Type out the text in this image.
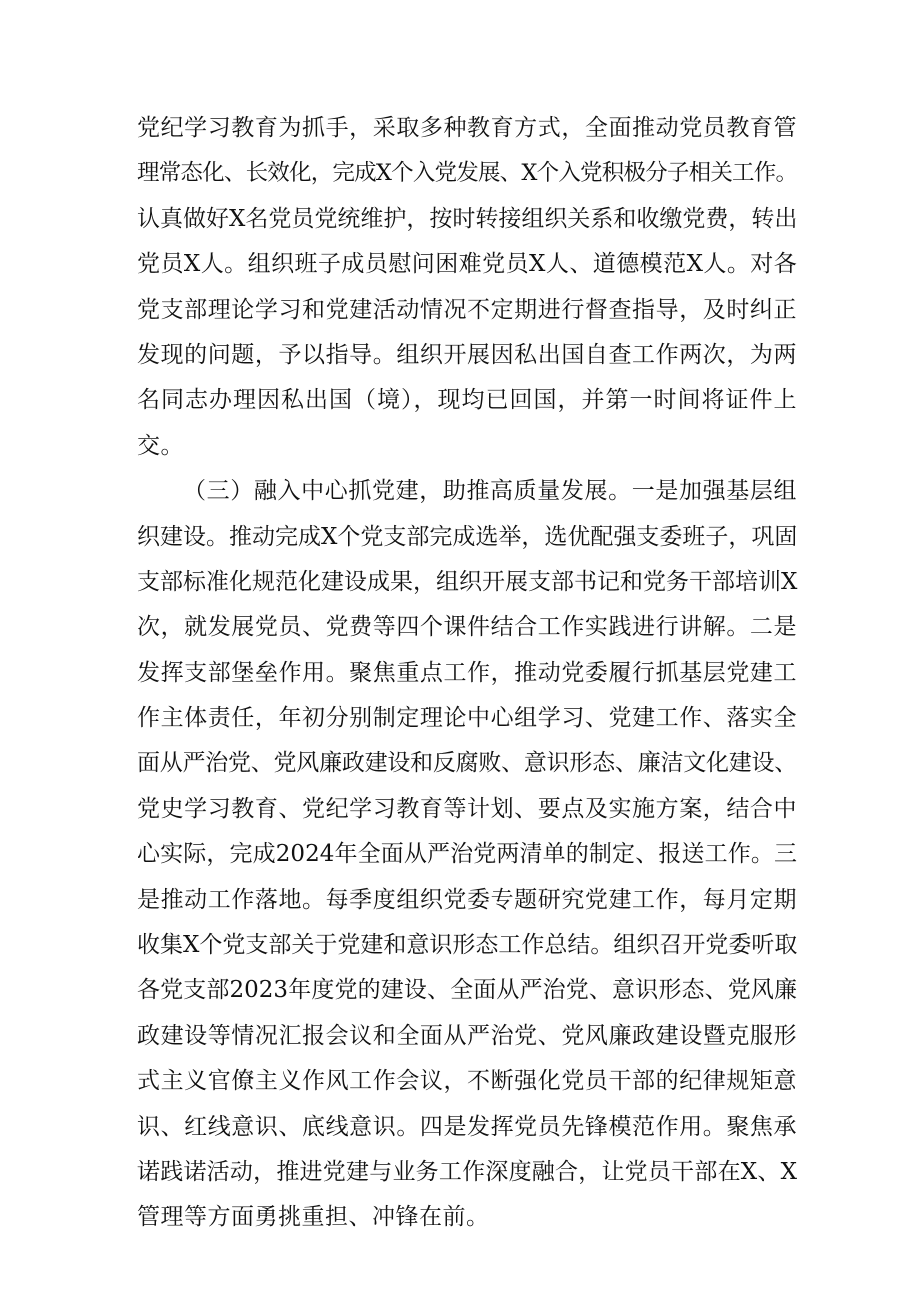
党纪学习教育为抓手，采取多种教育方式，全面推动党员教育管
理常态化、长效化，完成X个入党发展、X个入党积极分子相关工作。
认真做好X名党员党统维护，按时转接组织关系和收缴党费，转出
党员X人。组织班子成员慰问困难党员X人、道德模范X人。对各
党支部理论学习和党建活动情况不定期进行督查指导，及时纠正
发现的问题，予以指导。组织开展因私出国自查工作两次，为两
名同志办理因私出国（境），现均已回国，并第一时间将证件上
交。
（三）融入中心抓党建，助推高质量发展。一是加强基层组
织建设。推动完成X个党支部完成选举，选优配强支委班子，巩固
支部标准化规范化建设成果，组织开展支部书记和党务干部培训X
次，就发展党员、党费等四个课件结合工作实践进行讲解。二是
发挥支部堡垒作用。聚焦重点工作，推动党委履行抓基层党建工
作主体责任，年初分别制定理论中心组学习、党建工作、落实全
面从严治党、党风廉政建设和反腐败、意识形态、廉洁文化建设、
党史学习教育、党纪学习教育等计划、要点及实施方案，结合中
心实际，完成2024年全面从严治党两清单的制定、报送工作。三
是推动工作落地。每季度组织党委专题研究党建工作，每月定期
收集X个党支部关于党建和意识形态工作总结。组织召开党委听取
各党支部2023年度党的建设、全面从严治党、意识形态、党风廉
政建设等情况汇报会议和全面从严治党、党风廉政建设暨克服形
式主义官僚主义作风工作会议，不断强化党员干部的纪律规矩意
识、红线意识、底线意识。四是发挥党员先锋模范作用。聚焦承
诺践诺活动，推进党建与业务工作深度融合，让党员干部在X、X
管理等方面勇挑重担、冲锋在前。
